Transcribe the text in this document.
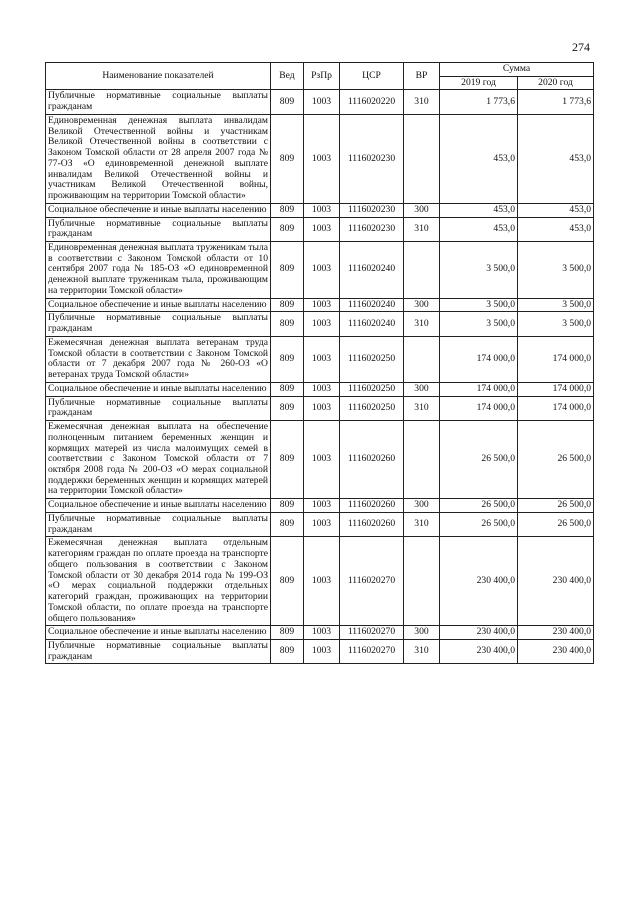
274
Наименование показателей	Вед	РзПр	ЦСР	ВР	Сумма	
					2019 год	2020 год
Публичные нормативные социальные выплаты гражданам	809	1003	1116020220	310	1 773,6	1 773,6
Единовременная денежная выплата инвалидам Великой Отечественной войны и участникам Великой Отечественной войны в соответствии с Законом Томской области от 28 апреля 2007 года № 77-ОЗ «О единовременной денежной выплате инвалидам Великой Отечественной войны и участникам Великой Отечественной войны, проживающим на территории Томской области»	809	1003	1116020230		453,0	453,0
Социальное обеспечение и иные выплаты населению	809	1003	1116020230	300	453,0	453,0
Публичные нормативные социальные выплаты гражданам	809	1003	1116020230	310	453,0	453,0
Единовременная денежная выплата труженикам тыла в соответствии с Законом Томской области от 10 сентября 2007 года № 185-ОЗ «О единовременной денежной выплате труженикам тыла, проживающим на территории Томской области»	809	1003	1116020240		3 500,0	3 500,0
Социальное обеспечение и иные выплаты населению	809	1003	1116020240	300	3 500,0	3 500,0
Публичные нормативные социальные выплаты гражданам	809	1003	1116020240	310	3 500,0	3 500,0
Ежемесячная денежная выплата ветеранам труда Томской области в соответствии с Законом Томской области от 7 декабря 2007 года № 260-ОЗ «О ветеранах труда Томской области»	809	1003	1116020250		174 000,0	174 000,0
Социальное обеспечение и иные выплаты населению	809	1003	1116020250	300	174 000,0	174 000,0
Публичные нормативные социальные выплаты гражданам	809	1003	1116020250	310	174 000,0	174 000,0
Ежемесячная денежная выплата на обеспечение полноценным питанием беременных женщин и кормящих матерей из числа малоимущих семей в соответствии с Законом Томской области от 7 октября 2008 года № 200-ОЗ «О мерах социальной поддержки беременных женщин и кормящих матерей на территории Томской области»	809	1003	1116020260		26 500,0	26 500,0
Социальное обеспечение и иные выплаты населению	809	1003	1116020260	300	26 500,0	26 500,0
Публичные нормативные социальные выплаты гражданам	809	1003	1116020260	310	26 500,0	26 500,0
Ежемесячная денежная выплата отдельным категориям граждан по оплате проезда на транспорте общего пользования в соответствии с Законом Томской области от 30 декабря 2014 года № 199-ОЗ «О мерах социальной поддержки отдельных категорий граждан, проживающих на территории Томской области, по оплате проезда на транспорте общего пользования»	809	1003	1116020270		230 400,0	230 400,0
Социальное обеспечение и иные выплаты населению	809	1003	1116020270	300	230 400,0	230 400,0
Публичные нормативные социальные выплаты гражданам	809	1003	1116020270	310	230 400,0	230 400,0
